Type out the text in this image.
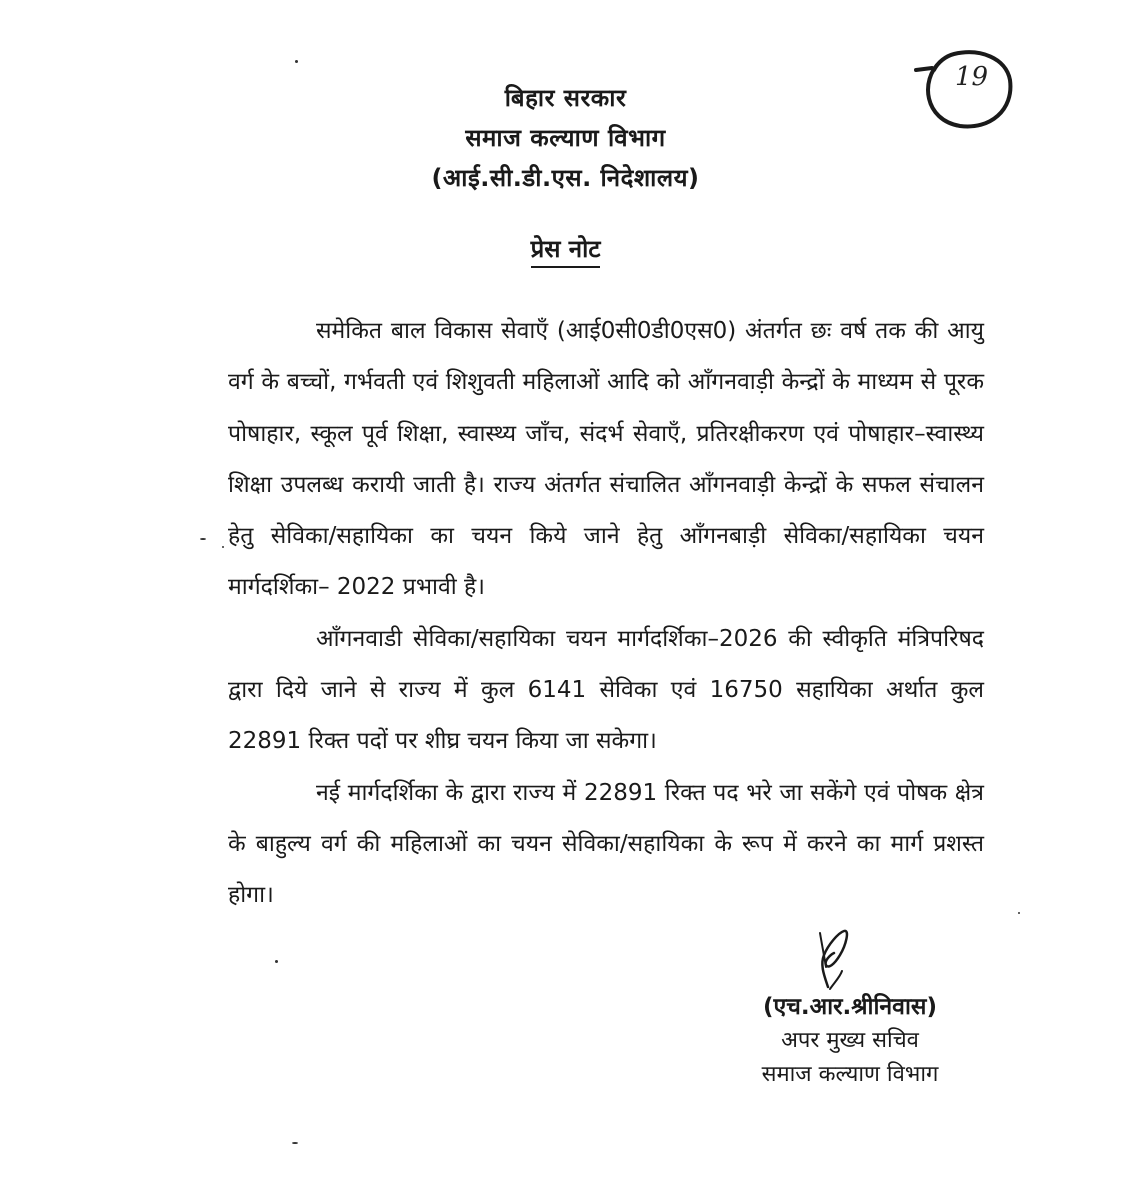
बिहार सरकार
समाज कल्याण विभाग
(आई.सी.डी.एस. निदेशालय)
19
प्रेस नोट

समेकित बाल विकास सेवाएँ (आई0सी0डी0एस0) अंतर्गत छः वर्ष तक की आयु वर्ग के बच्चों, गर्भवती एवं शिशुवती महिलाओं आदि को आँगनवाड़ी केन्द्रों के माध्यम से पूरक पोषाहार, स्कूल पूर्व शिक्षा, स्वास्थ्य जाँच, संदर्भ सेवाएँ, प्रतिरक्षीकरण एवं पोषाहार–स्वास्थ्य शिक्षा उपलब्ध करायी जाती है। राज्य अंतर्गत संचालित आँगनवाड़ी केन्द्रों के सफल संचालन हेतु सेविका/सहायिका का चयन किये जाने हेतु आँगनबाड़ी सेविका/सहायिका चयन मार्गदर्शिका– 2022 प्रभावी है।

आँगनवाडी सेविका/सहायिका चयन मार्गदर्शिका–2026 की स्वीकृति मंत्रिपरिषद द्वारा दिये जाने से राज्य में कुल 6141 सेविका एवं 16750 सहायिका अर्थात कुल 22891 रिक्त पदों पर शीघ्र चयन किया जा सकेगा।

नई मार्गदर्शिका के द्वारा राज्य में 22891 रिक्त पद भरे जा सकेंगे एवं पोषक क्षेत्र के बाहुल्य वर्ग की महिलाओं का चयन सेविका/सहायिका के रूप में करने का मार्ग प्रशस्त होगा।

(एच.आर.श्रीनिवास)
अपर मुख्य सचिव
समाज कल्याण विभाग
